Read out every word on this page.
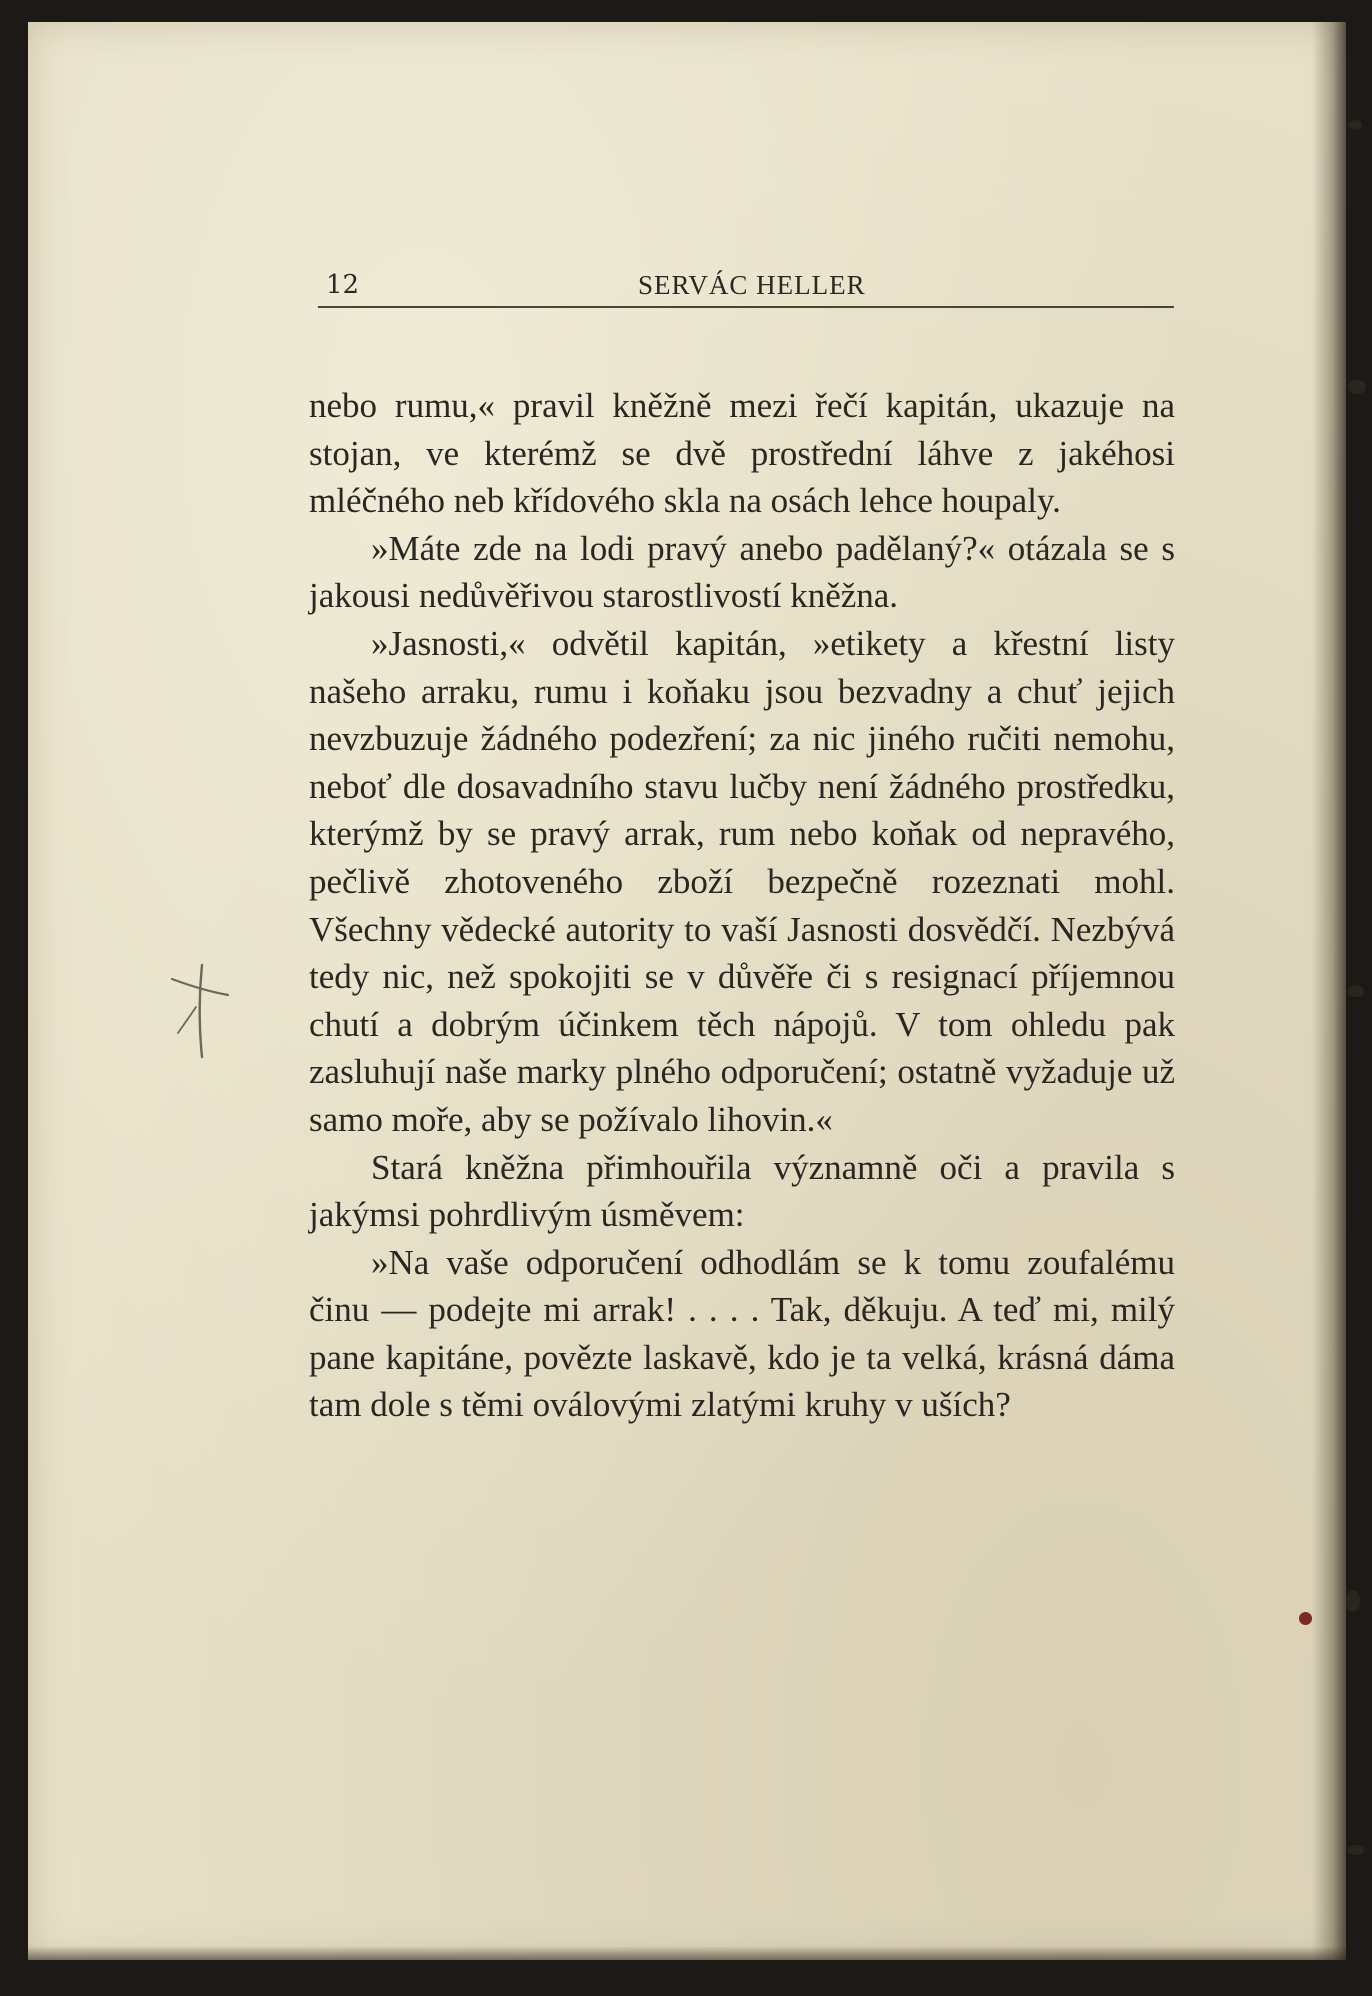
12	SERVÁC HELLER

nebo rumu,« pravil kněžně mezi řečí kapitán, ukazuje na stojan, ve kterémž se dvě prostřední láhve z jakéhosi mléčného neb křídového skla na osách lehce houpaly.

»Máte zde na lodi pravý anebo padělaný?« otázala se s jakousi nedůvěřivou starostlivostí kněžna.

»Jasnosti,« odvětil kapitán, »etikety a křestní listy našeho arraku, rumu i koňaku jsou bezvadny a chuť jejich nevzbuzuje žádného podezření; za nic jiného ručiti nemohu, neboť dle dosavadního stavu lučby není žádného prostředku, kterýmž by se pravý arrak, rum nebo koňak od nepravého, pečlivě zhotoveného zboží bezpečně rozeznati mohl. Všechny vědecké autority to vaší Jasnosti dosvědčí. Nezbývá tedy nic, než spokojiti se v důvěře či s resignací příjemnou chutí a dobrým účinkem těch nápojů. V tom ohledu pak zasluhují naše marky plného odporučení; ostatně vyžaduje už samo moře, aby se požívalo lihovin.«

Stará kněžna přimhouřila významně oči a pravila s jakýmsi pohrdlivým úsměvem:

»Na vaše odporučení odhodlám se k tomu zoufalému činu — podejte mi arrak! . . . . Tak, děkuju. A teď mi, milý pane kapitáne, povězte laskavě, kdo je ta velká, krásná dáma tam dole s těmi oválovými zlatými kruhy v uších?
